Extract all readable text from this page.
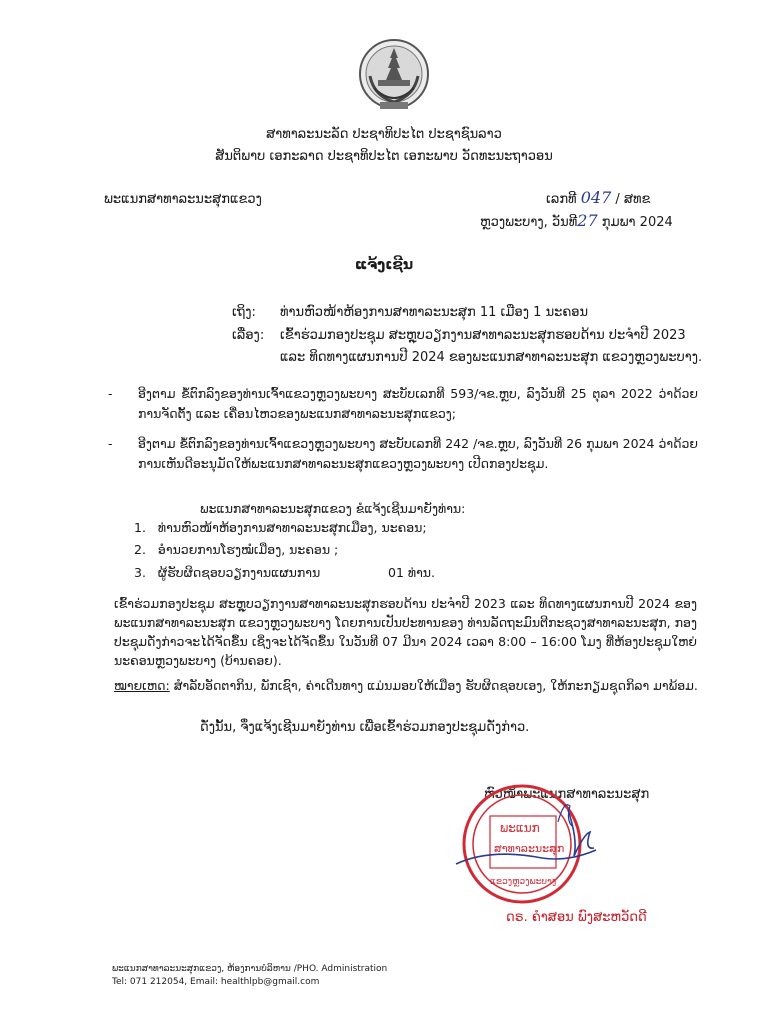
ສາທາລະນະລັດ ປະຊາທິປະໄຕ ປະຊາຊົນລາວ
ສັນຕິພາບ ເອກະລາດ ປະຊາທິປະໄຕ ເອກະພາບ ວັດທະນະຖາວອນ
ພະແນກສາທາລະນະສຸກແຂວງ	ເລກທີ 047 / ສທຂ
ຫຼວງພະບາງ, ວັນທີ27 ກຸມພາ 2024
ແຈ້ງເຊີນ
ເຖິງ: ທ່ານຫົວໜ້າຫ້ອງການສາທາລະນະສຸກ 11 ເມືອງ 1 ນະຄອນ
ເລື່ອງ: ເຂົ້າຮ່ວມກອງປະຊຸມ ສະຫຼຸບວຽກງານສາທາລະນະສຸກຮອບດ້ານ ປະຈຳປີ 2023
ແລະ ທິດທາງແຜນການປີ 2024 ຂອງພະແນກສາທາລະນະສຸກ ແຂວງຫຼວງພະບາງ.
- ອີງຕາມ ຂໍ້ຕົກລົງຂອງທ່ານເຈົ້າແຂວງຫຼວງພະບາງ ສະບັບເລກທີ 593/ຈຂ.ຫຼບ, ລົງວັນທີ 25 ຕຸລາ 2022 ວ່າດ້ວຍການຈັດຕັ້ງ ແລະ ເຄື່ອນໄຫວຂອງພະແນກສາທາລະນະສຸກແຂວງ;
- ອີງຕາມ ຂໍ້ຕົກລົງຂອງທ່ານເຈົ້າແຂວງຫຼວງພະບາງ ສະບັບເລກທີ 242 /ຈຂ.ຫຼບ, ລົງວັນທີ 26 ກຸມພາ 2024 ວ່າດ້ວຍການເຫັນດີອະນຸມັດໃຫ້ພະແນກສາທາລະນະສຸກແຂວງຫຼວງພະບາງ ເປີດກອງປະຊຸມ.
ພະແນກສາທາລະນະສຸກແຂວງ ຂໍແຈ້ງເຊີນມາຍັງທ່ານ:
1. ທ່ານຫົວໜ້າຫ້ອງການສາທາລະນະສຸກເມືອງ, ນະຄອນ;
2. ອຳນວຍການໂຮງໝໍເມືອງ, ນະຄອນ ;
3. ຜູ້ຮັບຜິດຊອບວຽກງານແຜນການ	01 ທ່ານ.
ເຂົ້າຮ່ວມກອງປະຊຸມ ສະຫຼຸບວຽກງານສາທາລະນະສຸກຮອບດ້ານ ປະຈຳປີ 2023 ແລະ ທິດທາງແຜນການປີ 2024 ຂອງພະແນກສາທາລະນະສຸກ ແຂວງຫຼວງພະບາງ ໂດຍການເປັນປະທານຂອງ ທ່ານລັດຖະມົນຕີກະຊວງສາທາລະນະສຸກ, ກອງປະຊຸມດັ່ງກ່າວຈະໄດ້ຈັດຂຶ້ນ ເຊິ່ງຈະໄດ້ຈັດຂຶ້ນ ໃນວັນທີ 07 ມີນາ 2024 ເວລາ 8:00 – 16:00 ໂມງ ທີ່ຫ້ອງປະຊຸມໃຫຍ່ ນະຄອນຫຼວງພະບາງ (ບ້ານຄອຍ).
ໝາຍເຫດ: ສຳລັບອັດຕາກິນ, ພັກເຊົາ, ຄ່າເດີນທາງ ແມ່ນມອບໃຫ້ເມືອງ ຮັບຜິດຊອບເອງ, ໃຫ້ກະກຽມຊຸດກິລາ ມາພ້ອມ.
ດັ່ງນັ້ນ, ຈຶ່ງແຈ້ງເຊີນມາຍັງທ່ານ ເພື່ອເຂົ້າຮ່ວມກອງປະຊຸມດັ່ງກ່າວ.
ຫົວໜ້າພະແນກສາທາລະນະສຸກ
ພະແນກ
ສາທາລະນະສຸກ
ແຂວງຫຼວງພະບາງ
ດຣ. ຄຳສອນ ພົງສະຫວັດດີ
ພະແນກສາທາລະນະສຸກແຂວງ, ຫ້ອງການບໍລິຫານ /PHO. Administration
Tel: 071 212054, Email: healthlpb@gmail.com
